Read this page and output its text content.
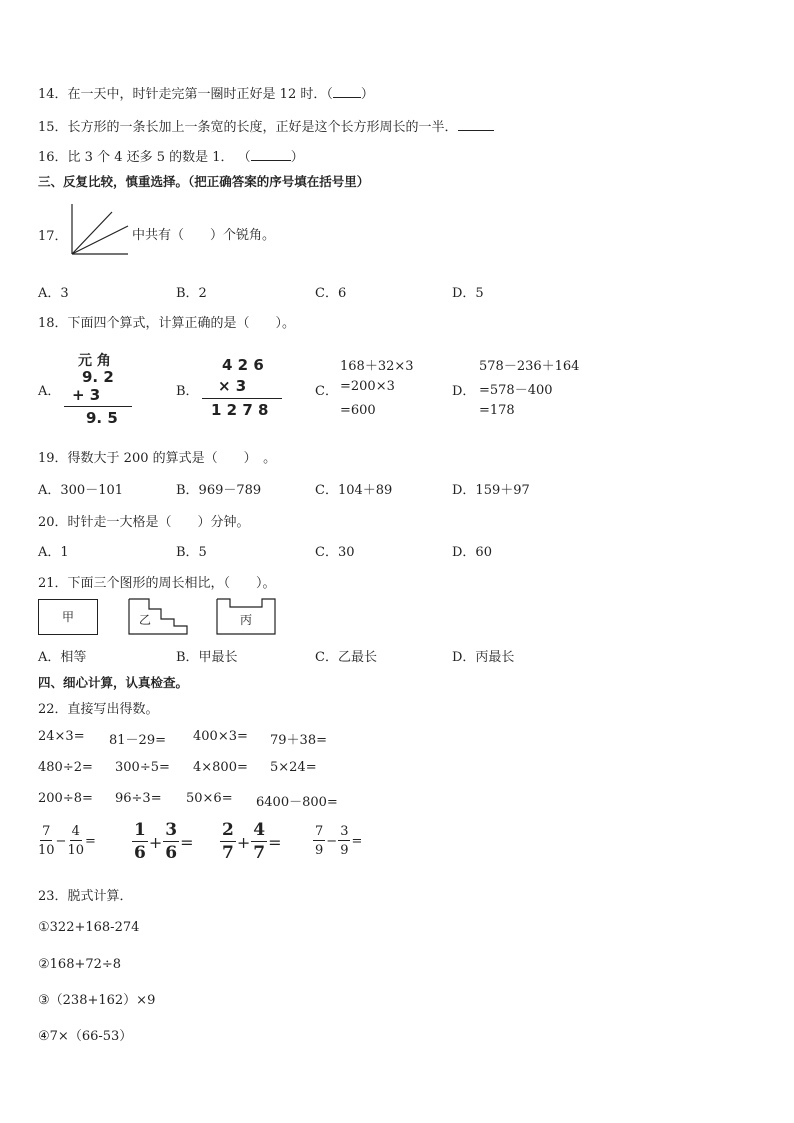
14．在一天中，时针走完第一圈时正好是 12 时．（ ）
15．长方形的一条长加上一条宽的长度，正好是这个长方形周长的一半．
16．比 3 个 4 还多 5 的数是 1． （	）
三、反复比较，慎重选择。（把正确答案的序号填在括号里）
17．	中共有（　　）个锐角。
A．3	B．2	C．6	D．5
18．下面四个算式，计算正确的是（　　）。
A．
元 角
9. 2
+ 3
9. 5
B．
4 2 6
× 3
1 2 7 8
C．
168＋32×3
=200×3
=600
D．
578－236＋164
=578－400
=178
19．得数大于 200 的算式是（　　）　。
A．300－101	B．969－789	C．104＋89	D．159＋97
20．时针走一大格是（　　）分钟。
A．1	B．5	C．30	D．60
21．下面三个图形的周长相比，（　　）。
甲	乙	丙
A．相等	B．甲最长	C．乙最长	D．丙最长
四、细心计算，认真检查。
22．直接写出得数。
24×3= 81－29= 400×3= 79＋38=
480÷2= 300÷5= 4×800= 5×24=
200÷8= 96÷3= 50×6= 6400－800=
$\frac{7}{10} - \frac{4}{10} = \frac{1}{6} + \frac{3}{6} = \frac{2}{7} + \frac{4}{7} = \frac{7}{9} - \frac{3}{9}$ =
23．脱式计算．
①322+168-274
②168+72÷8
③（238+162）×9
④7×（66-53）
